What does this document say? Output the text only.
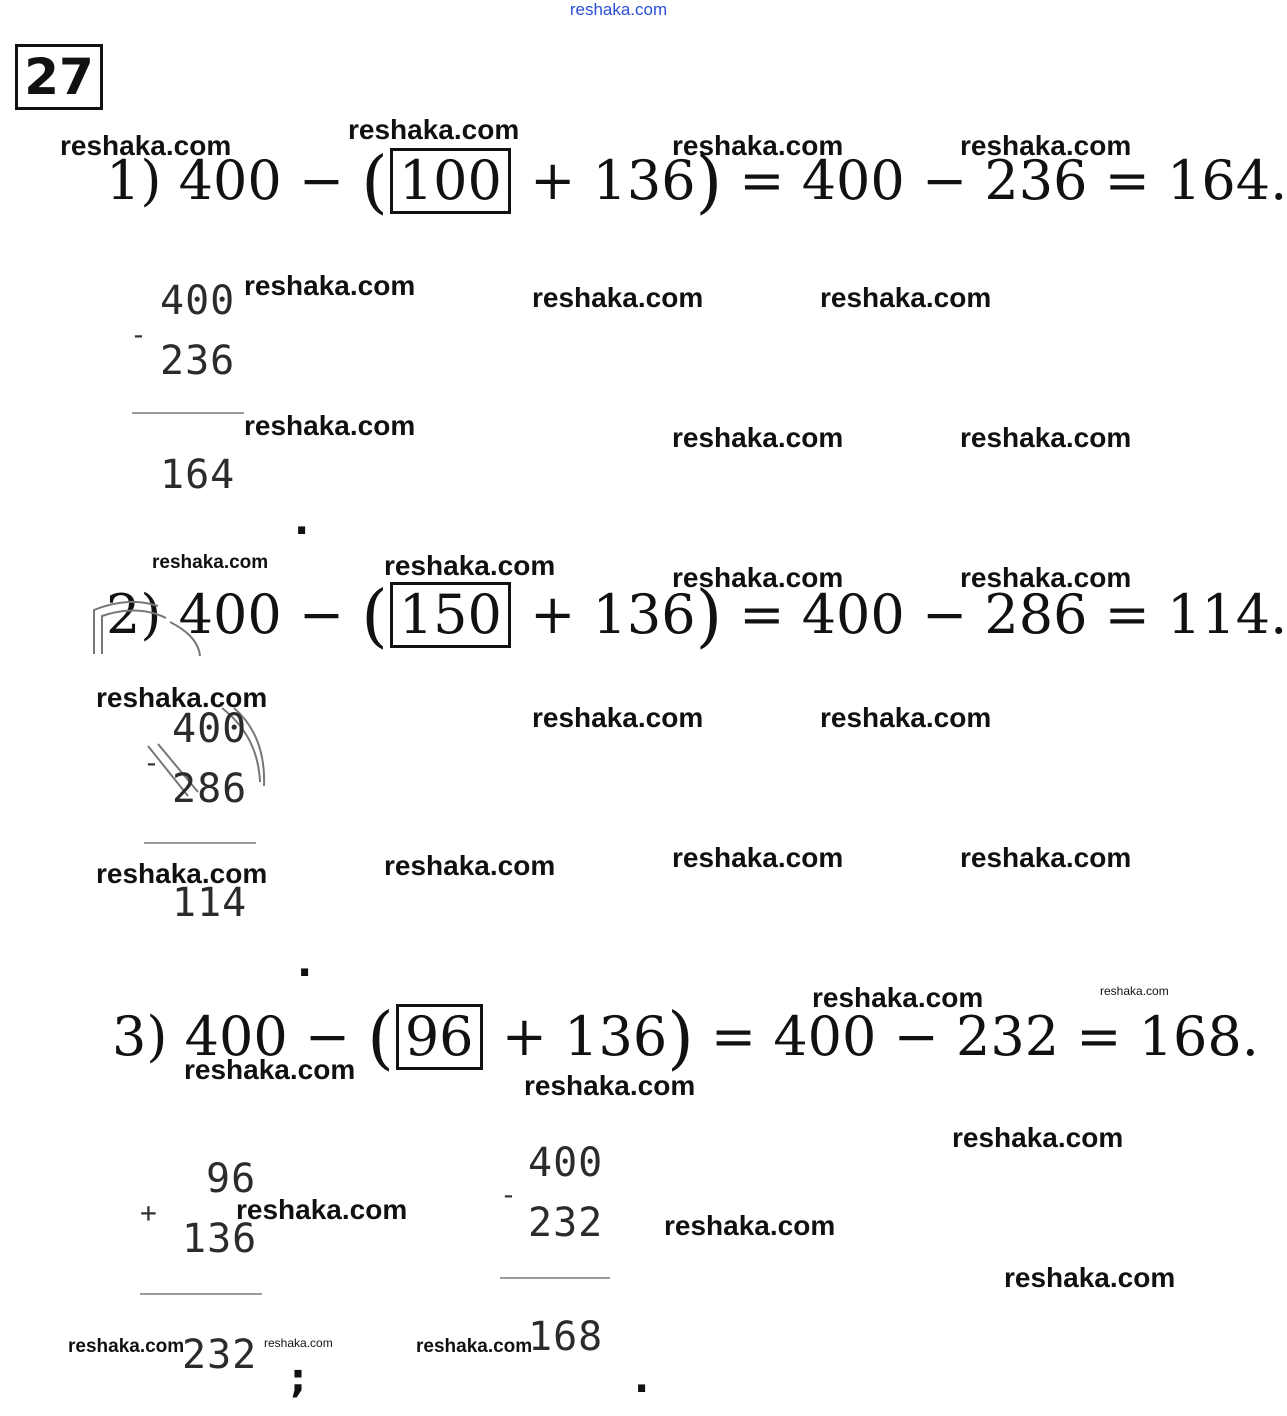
reshaka.com
27
1) 400 − ( 100 + 136) = 400 − 236 = 164.
-
400
236
164
.
2) 400 − ( 150 + 136) = 400 − 286 = 114.
-
400
286
114
.
3) 400 − ( 96 + 136) = 400 − 232 = 168.
+
96
136
232
;
-
400
232
168
.
reshaka.com
reshaka.com
reshaka.com	reshaka.com
reshaka.com	reshaka.com	reshaka.com
reshaka.com	reshaka.com	reshaka.com
reshaka.com	reshaka.com	reshaka.com	reshaka.com
reshaka.com
reshaka.com	reshaka.com
reshaka.com	reshaka.com	reshaka.com	reshaka.com
reshaka.com	reshaka.com
reshaka.com
reshaka.com
reshaka.com
reshaka.com
reshaka.com
reshaka.com
reshaka.com	reshaka.com	reshaka.com
